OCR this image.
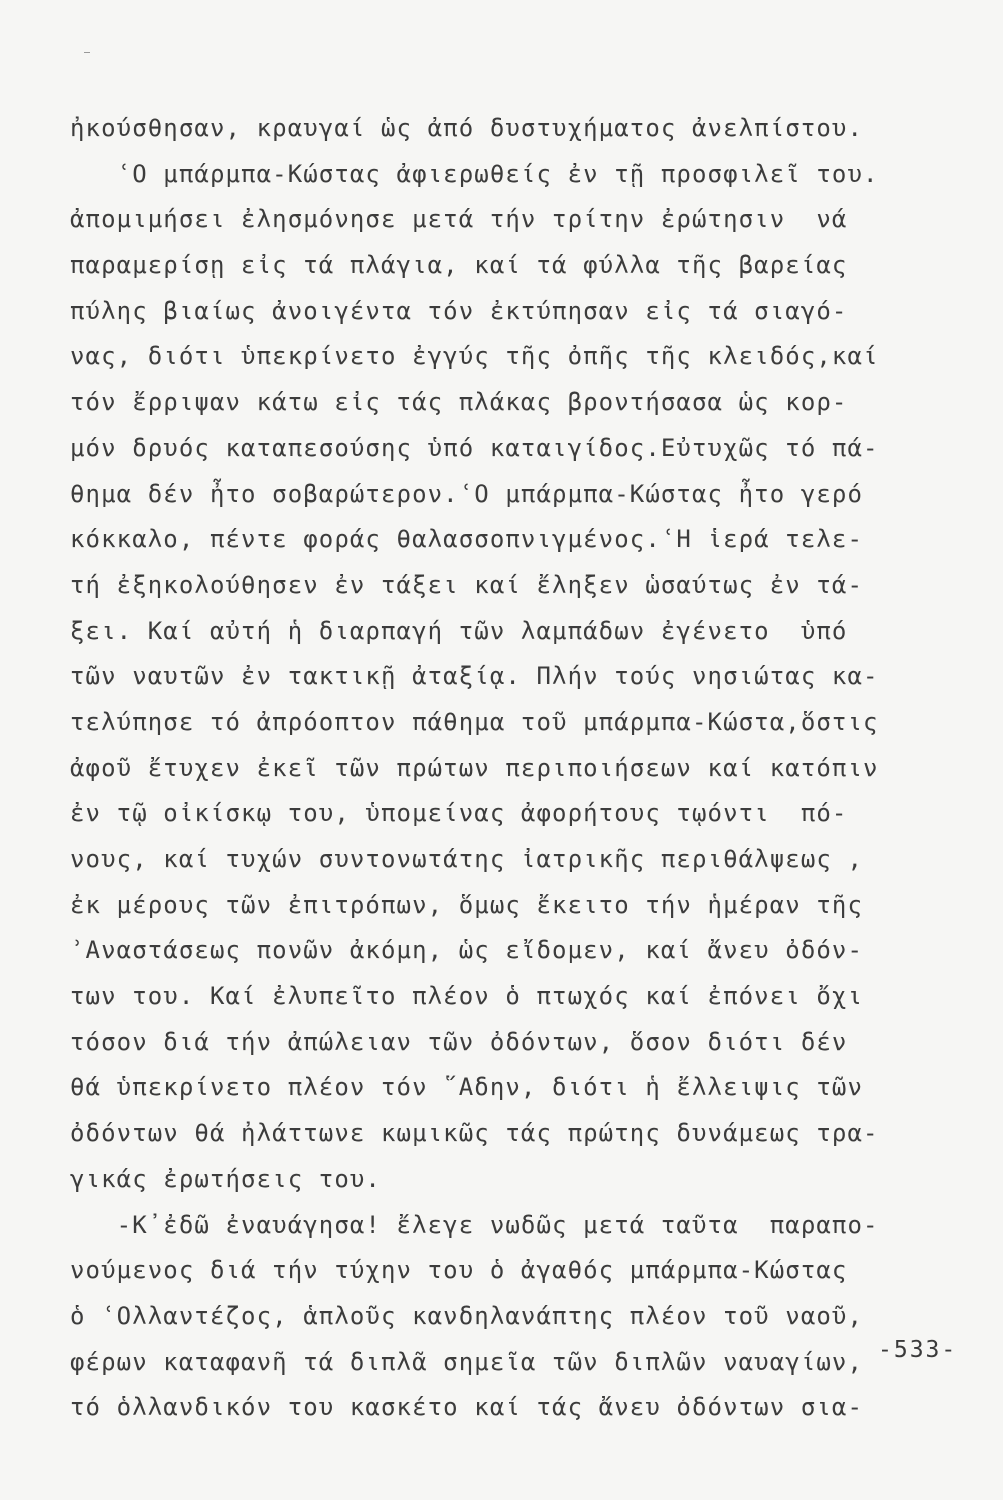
ἠκούσθησαν, κραυγαί ὡς ἀπό δυστυχήματος ἀνελπίστου.
ʿΟ μπάρμπα-Κώστας ἀφιερωθείς ἐν τῇ προσφιλεῖ του.
ἀπομιμήσει ἐλησμόνησε μετά τήν τρίτην ἐρώτησιν  νά
παραμερίσῃ εἰς τά πλάγια, καί τά φύλλα τῆς βαρείας
πύλης βιαίως ἀνοιγέντα τόν ἐκτύπησαν εἰς τά σιαγό-
νας, διότι ὑπεκρίνετο ἐγγύς τῆς ὀπῆς τῆς κλειδός,καί
τόν ἔρριψαν κάτω εἰς τάς πλάκας βροντήσασα ὡς κορ-
μόν δρυός καταπεσούσης ὑπό καταιγίδος.Εὐτυχῶς τό πά-
θημα δέν ἦτο σοβαρώτερον.ʿΟ μπάρμπα-Κώστας ἦτο γερό
κόκκαλο, πέντε φοράς θαλασσοπνιγμένος.ʿΗ ἱερά τελε-
τή ἐξηκολούθησεν ἐν τάξει καί ἔληξεν ὡσαύτως ἐν τά-
ξει. Καί αὐτή ἡ διαρπαγή τῶν λαμπάδων ἐγένετο  ὑπό
τῶν ναυτῶν ἐν τακτικῇ ἀταξίᾳ. Πλήν τούς νησιώτας κα-
τελύπησε τό ἀπρόοπτον πάθημα τοῦ μπάρμπα-Κώστα,ὅστις
ἀφοῦ ἔτυχεν ἐκεῖ τῶν πρώτων περιποιήσεων καί κατόπιν
ἐν τῷ οἰκίσκῳ του, ὑπομείνας ἀφορήτους τῳόντι  πό-
νους, καί τυχών συντονωτάτης ἰατρικῆς περιθάλψεως ,
ἐκ μέρους τῶν ἐπιτρόπων, ὅμως ἔκειτο τήν ἡμέραν τῆς
ʾΑναστάσεως πονῶν ἀκόμη, ὡς εἴδομεν, καί ἄνευ ὀδόν-
των του. Καί ἐλυπεῖτο πλέον ὁ πτωχός καί ἐπόνει ὄχι
τόσον διά τήν ἀπώλειαν τῶν ὀδόντων, ὅσον διότι δέν
θά ὑπεκρίνετο πλέον τόν ῞Αδην, διότι ἡ ἔλλειψις τῶν
ὀδόντων θά ἠλάττωνε κωμικῶς τάς πρώτης δυνάμεως τρα-
γικάς ἐρωτήσεις του.
-Κ᾿ἐδῶ ἐναυάγησα! ἔλεγε νωδῶς μετά ταῦτα  παραπο-
νούμενος διά τήν τύχην του ὁ ἀγαθός μπάρμπα-Κώστας
ὁ ʿΟλλαντέζος, ἁπλοῦς κανδηλανάπτης πλέον τοῦ ναοῦ,
φέρων καταφανῆ τά διπλᾶ σημεῖα τῶν διπλῶν ναυαγίων,
τό ὁλλανδικόν του κασκέτο καί τάς ἄνευ ὀδόντων σια-
-533-
